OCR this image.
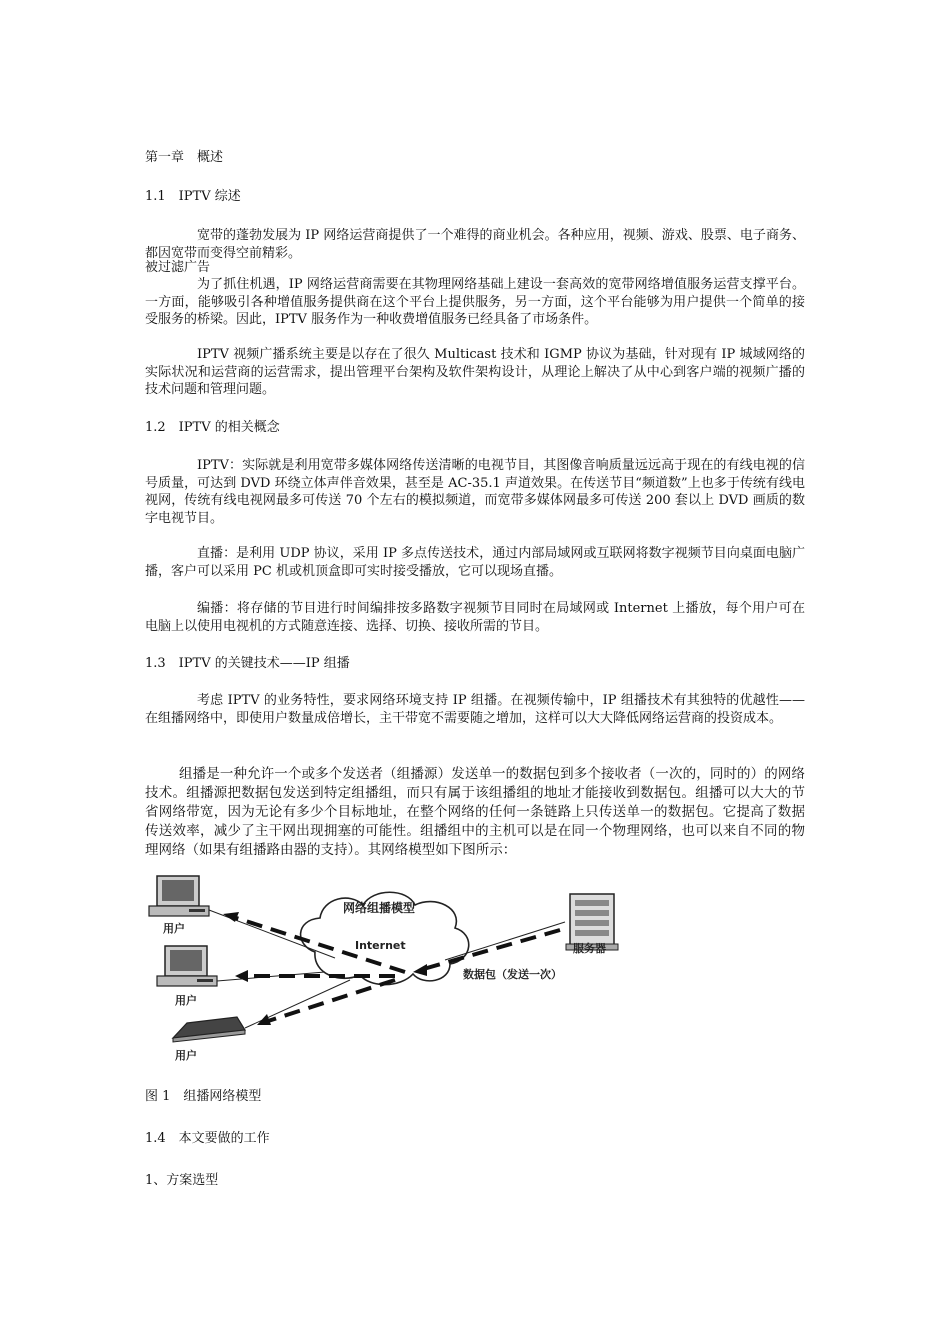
第一章　概述
1.1　IPTV 综述
宽带的蓬勃发展为 IP 网络运营商提供了一个难得的商业机会。各种应用，视频、游戏、股票、电子商务、都因宽带而变得空前精彩。
被过滤广告
为了抓住机遇，IP 网络运营商需要在其物理网络基础上建设一套高效的宽带网络增值服务运营支撑平台。一方面，能够吸引各种增值服务提供商在这个平台上提供服务，另一方面，这个平台能够为用户提供一个简单的接受服务的桥梁。因此，IPTV 服务作为一种收费增值服务已经具备了市场条件。
IPTV 视频广播系统主要是以存在了很久 Multicast 技术和 IGMP 协议为基础，针对现有 IP 城域网络的实际状况和运营商的运营需求，提出管理平台架构及软件架构设计，从理论上解决了从中心到客户端的视频广播的技术问题和管理问题。
1.2　IPTV 的相关概念
IPTV：实际就是利用宽带多媒体网络传送清晰的电视节目，其图像音响质量远远高于现在的有线电视的信号质量，可达到 DVD 环绕立体声伴音效果，甚至是 AC-35.1 声道效果。在传送节目“频道数”上也多于传统有线电视网，传统有线电视网最多可传送 70 个左右的模拟频道，而宽带多媒体网最多可传送 200 套以上 DVD 画质的数字电视节目。
直播：是利用 UDP 协议，采用 IP 多点传送技术，通过内部局域网或互联网将数字视频节目向桌面电脑广播，客户可以采用 PC 机或机顶盒即可实时接受播放，它可以现场直播。
编播：将存储的节目进行时间编排按多路数字视频节目同时在局域网或 Internet 上播放，每个用户可在电脑上以使用电视机的方式随意连接、选择、切换、接收所需的节目。
1.3　IPTV 的关键技术——IP 组播
考虑 IPTV 的业务特性，要求网络环境支持 IP 组播。在视频传输中，IP 组播技术有其独特的优越性——在组播网络中，即使用户数量成倍增长，主干带宽不需要随之增加，这样可以大大降低网络运营商的投资成本。
组播是一种允许一个或多个发送者（组播源）发送单一的数据包到多个接收者（一次的，同时的）的网络技术。组播源把数据包发送到特定组播组，而只有属于该组播组的地址才能接收到数据包。组播可以大大的节省网络带宽，因为无论有多少个目标地址，在整个网络的任何一条链路上只传送单一的数据包。它提高了数据传送效率，减少了主干网出现拥塞的可能性。组播组中的主机可以是在同一个物理网络，也可以来自不同的物理网络（如果有组播路由器的支持）。其网络模型如下图所示：
网络组播模型
Internet
用户
用户
用户
服务器
数据包（发送一次）
图 1　组播网络模型
1.4　本文要做的工作
1、方案选型
